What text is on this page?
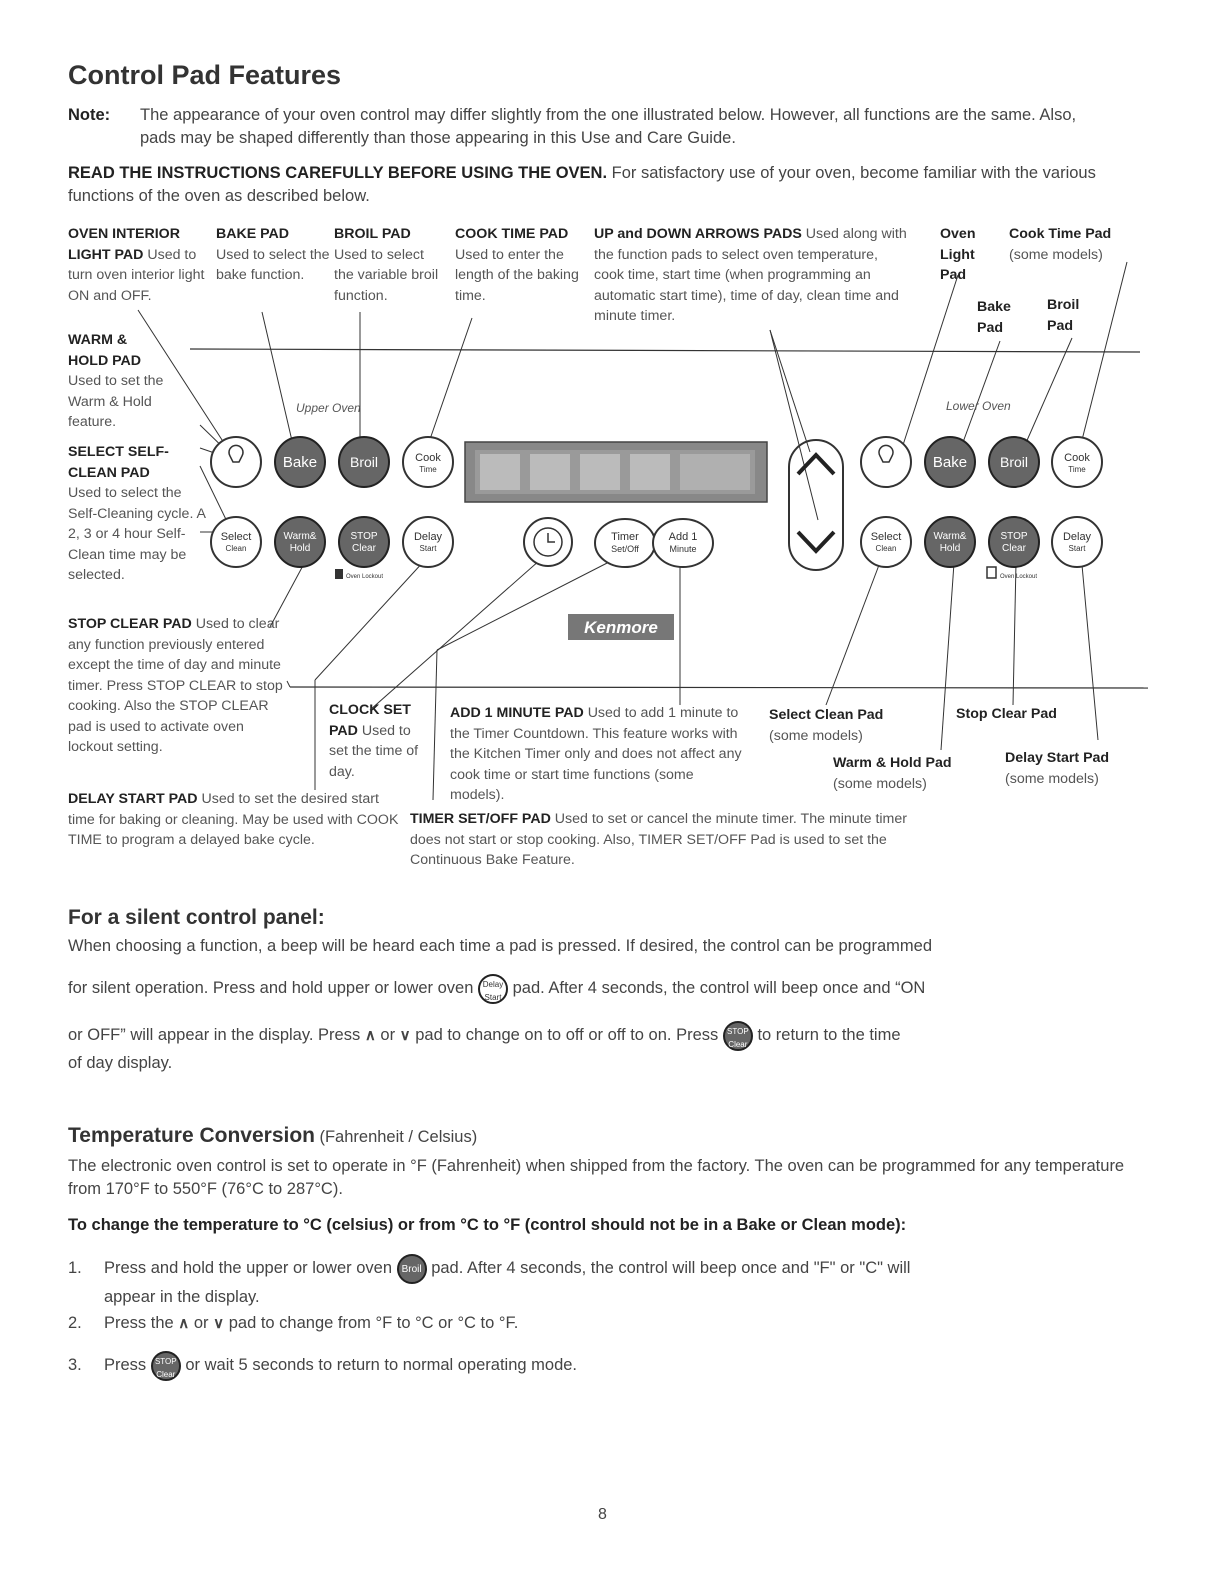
Control Pad Features
Note: The appearance of your oven control may differ slightly from the one illustrated below. However, all functions are the same. Also, pads may be shaped differently than those appearing in this Use and Care Guide.
READ THE INSTRUCTIONS CAREFULLY BEFORE USING THE OVEN. For satisfactory use of your oven, become familiar with the various functions of the oven as described below.
OVEN INTERIOR LIGHT PAD Used to turn oven interior light ON and OFF.
BAKE PAD
Used to select the bake function.
BROIL PAD
Used to select the variable broil function.
COOK TIME PAD Used to enter the length of the baking time.
UP and DOWN ARROWS PADS Used along with the function pads to select oven temperature, cook time, start time (when programming an automatic start time), time of day, clean time and minute timer.
Oven
Light
Pad
Cook Time Pad
(some models)
Bake
Pad
Broil
Pad
WARM & HOLD PAD
Used to set the Warm & Hold feature.
SELECT SELF-CLEAN PAD
Used to select the Self-Cleaning cycle. A 2, 3 or 4 hour Self-Clean time may be selected.
STOP CLEAR PAD Used to clear any function previously entered except the time of day and minute timer. Press STOP CLEAR to stop cooking. Also the STOP CLEAR pad is used to activate oven lockout setting.
CLOCK SET PAD Used to set the time of day.
ADD 1 MINUTE PAD Used to add 1 minute to the Timer Countdown. This feature works with the Kitchen Timer only and does not affect any cook time or start time functions (some models).
DELAY START PAD Used to set the desired start time for baking or cleaning. May be used with COOK TIME to program a delayed bake cycle.
TIMER SET/OFF PAD Used to set or cancel the minute timer. The minute timer does not start or stop cooking. Also, TIMER SET/OFF Pad is used to set the Continuous Bake Feature.
Select Clean Pad
(some models)
Stop Clear Pad
Warm & Hold Pad
(some models)
Delay Start Pad
(some models)
Upper Oven	Lower Oven
Timer
Set/Off
Add 1
Minute
Kenmore
Bake Broil	Cook
Time
Select
Clean
Warm&
Hold
STOP
Clear
Delay
Start
Oven Lockout
Bake Broil	Cook
Time
Select
Clean
Warm&
Hold
STOP
Clear
Delay
Start
Oven Lockout
For a silent control panel:
When choosing a function, a beep will be heard each time a pad is pressed. If desired, the control can be programmed
for silent operation. Press and hold upper or lower oven Delay
Start pad. After 4 seconds, the control will beep once and “ON
or OFF” will appear in the display. Press ∧ or ∨ pad to change on to off or off to on. Press STOP
Clear to return to the time
of day display.
Temperature Conversion (Fahrenheit / Celsius)
The electronic oven control is set to operate in °F (Fahrenheit) when shipped from the factory. The oven can be programmed for any temperature from 170°F to 550°F (76°C to 287°C).
To change the temperature to °C (celsius) or from °C to °F (control should not be in a Bake or Clean mode):
1.	Press and hold the upper or lower oven Broil pad. After 4 seconds, the control will beep once and "F" or "C" will
appear in the display.
2.	Press the ∧ or ∨ pad to change from °F to °C or °C to °F.
3.	Press STOP
Clear or wait 5 seconds to return to normal operating mode.
8
